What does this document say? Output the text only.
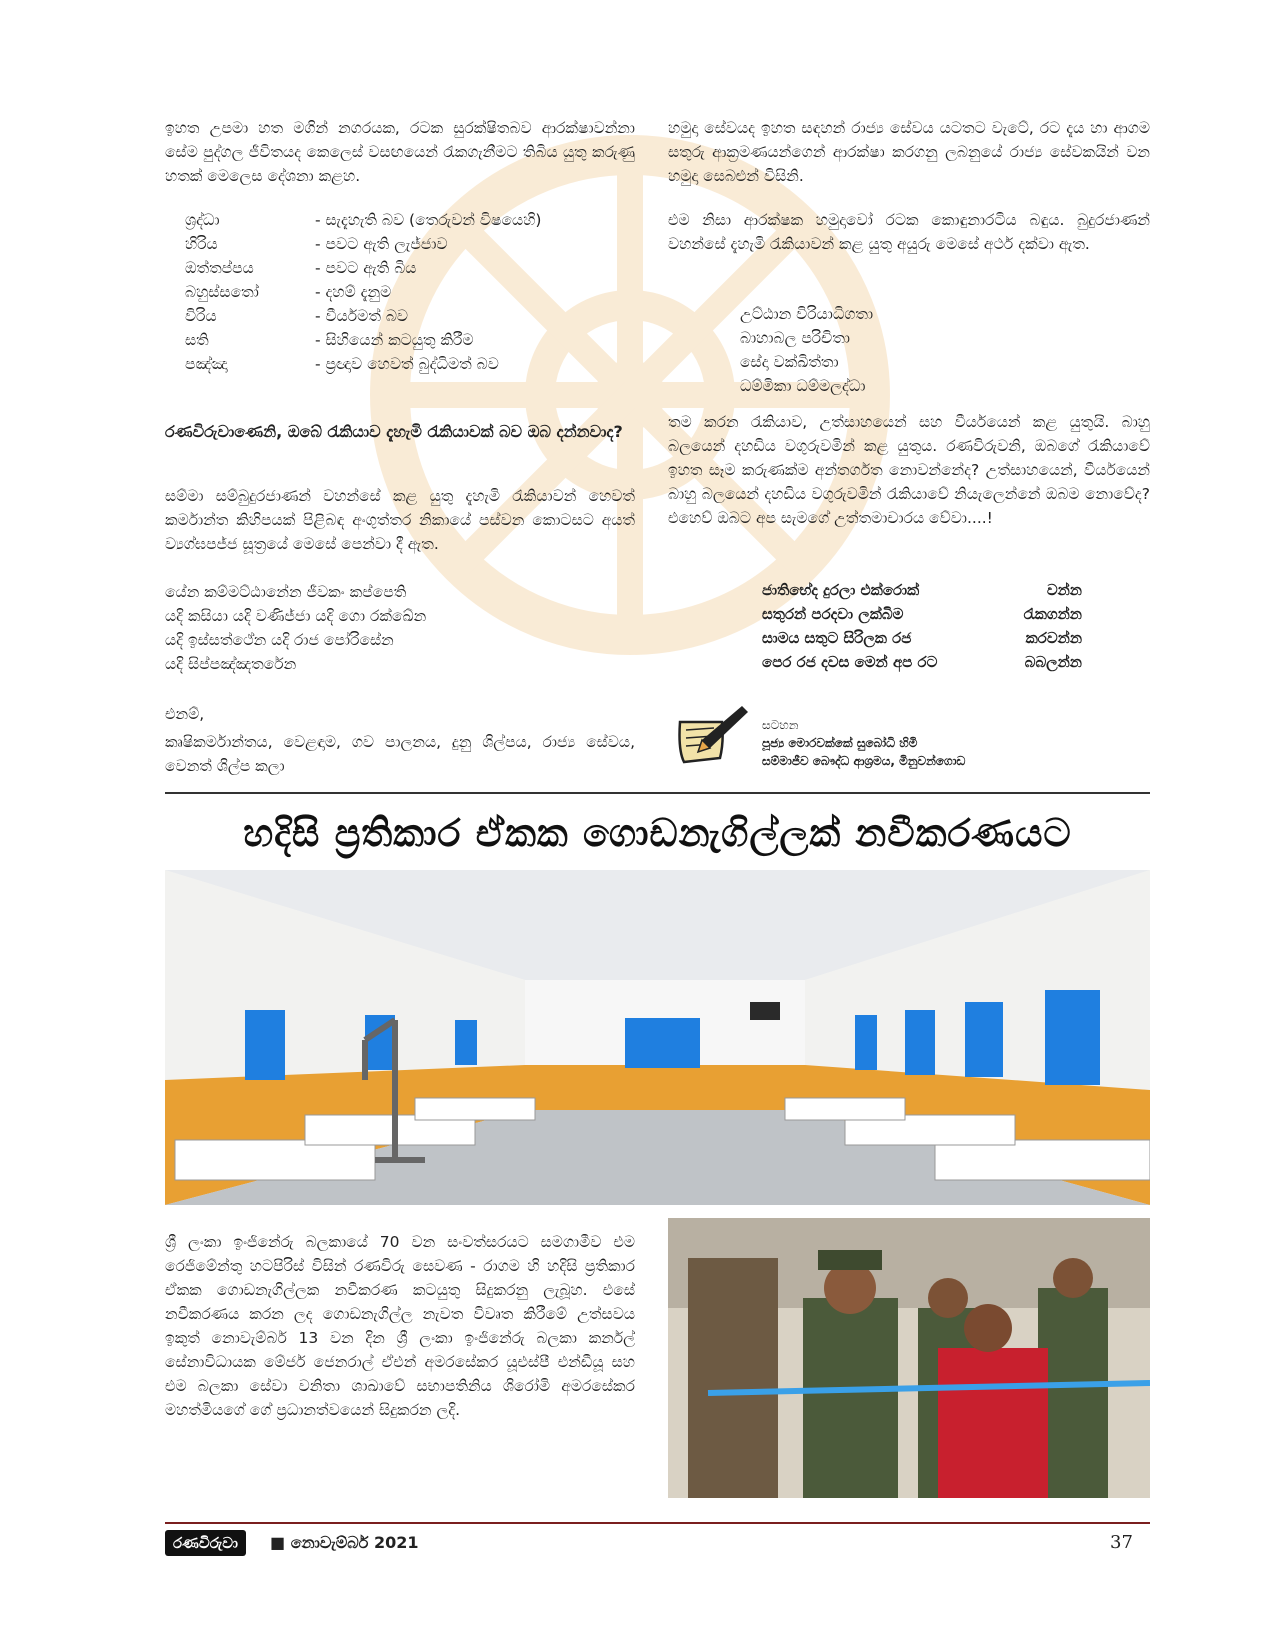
ඉහත උපමා හත මගින් නගරයක, රටක සුරක්ෂිතබව ආරක්ෂාවන්නා සේම පුද්ගල ජීවිතයද කෙලෙස් වසඟයෙන් රැකගැනීමට තිබිය යුතු කරුණු හතක් මෙලෙස දේශනා කළහ.

ශ්‍රද්ධා	- සැදැහැති බව (තෙරුවන් විෂයෙහි)
හිරිය	- පවට ඇති ලැජ්ජාව
ඔත්තප්පය	- පවට ඇති බිය
බහුස්සතෝ	- දහම් දැනුම
විරිය	- වීර්යමත් බව
සති	- සිහියෙන් කටයුතු කිරීම
පඤ්ඤා	- ප්‍රඥාව හෙවත් බුද්ධිමත් බව
රණවිරුවාණෙනි, ඔබේ රැකියාව දැහැමි රැකියාවක් බව ඔබ දන්නවාද?

සම්මා සම්බුදුරජාණන් වහන්සේ කළ යුතු දැහැමි රැකියාවන් හෙවත් කර්මාන්ත කිහිපයක් පිළිබඳ අංගුත්තර නිකායේ පස්වන කොටසට අයත් ව්‍යග්ඝපජ්ජ සූත්‍රයේ මෙසේ පෙන්වා දී ඇත.

යේන කම්මට්ඨානේන ජීවකං කප්පෙති
යදි කසියා යදි වණිජ්ජා යදි ගො රක්ඛේන
යදි ඉස්සත්ථේන යදි රාජ පෝරිසේන
යදි සිප්පඤ්ඤතරේන
එනම්,

කෘෂිකර්මාන්තය, වෙළඳාම, ගව පාලනය, දුනු ශිල්පය, රාජ්‍ය සේවය, වෙනත් ශිල්ප කලා

හමුදා සේවයද ඉහත සඳහන් රාජ්‍ය සේවය යටතට වැටේ, රට දැය හා ආගම සතුරු ආක්‍රමණයන්ගෙන් ආරක්ෂා කරගනු ලබනුයේ රාජ්‍ය සේවකයින් වන හමුදා සෙබළුන් විසිනි.

එම නිසා ආරක්ෂක හමුදාවෝ රටක කොඳුනාරටිය බඳුය. බුදුරජාණන් වහන්සේ දැහැමි රැකියාවන් කළ යුතු අයුරු මෙසේ අර්ථ දක්වා ඇත.

උට්ඨාන විරියාධිගතා
බාහාබල පරිචිතා
සේදා වක්ඛිත්තා
ධම්මිකා ධම්මලද්ධා

තම කරන රැකියාව, උත්සාහයෙන් සහ වීර්යයෙන් කළ යුතුයි. බාහු බලයෙන් දහඩිය වගුරුවමින් කළ යුතුය. රණවිරුවනි, ඔබගේ රැකියාවේ ඉහත සෑම කරුණක්ම අන්තර්ගත නොවන්නේද? උත්සාහයෙන්, වීර්යයෙන් බාහු බලයෙන් දහඩිය වගුරුවමින් රැකියාවේ නියැලෙන්නේ ඔබම නොවේද? එහෙව් ඔබට අප සැමගේ උත්තමාචාරය වේවා....!

ජාතිභේද දුරලා එක්රොක්	වන්න
සතුරන් පරදවා ලක්බිම	රැකගන්න
සාමය සතුට සිරිලක රජ	කරවන්න
පෙර රජ දවස මෙන් අප රට	බබලන්න
සටහන
පූජ්‍ය මොරවක්කේ සුබෝධි හිමි
සම්මාජීව බෞද්ධ ආශ්‍රමය, මිනුවන්ගොඩ
හදිසි ප්‍රතිකාර ඒකක ගොඩනැගිල්ලක් නවීකරණයට

ශ්‍රී ලංකා ඉංජිනේරු බලකායේ 70 වන සංවත්සරයට සමගාමීව එම රෙජිමේන්තු හටපිරිස් විසින් රණවිරු සෙවණ - රාගම හි හදිසි ප්‍රතිකාර ඒකක ගොඩනැගිල්ලක නවීකරණ කටයුතු සිදුකරනු ලැබූහ. එසේ නවීකරණය කරන ලද ගොඩනැගිල්ල නැවත විවෘත කිරීමේ උත්සවය ඉකුත් නොවැම්බර් 13 වන දින ශ්‍රී ලංකා ඉංජිනේරු බලකා කර්නල් සේනාවිධායක මේජර් ජෙනරාල් ඒඑන් අමරසේකර යූඑස්පී එන්ඩීයූ සහ එම බලකා සේවා වනිතා ශාඛාවේ සභාපතිනිය ශිරෝමි අමරසේකර මහත්මියගේ ගේ ප්‍රධානත්වයෙන් සිදුකරන ලදි.

රණවිරුවා	■ නොවැම්බර් 2021	37
